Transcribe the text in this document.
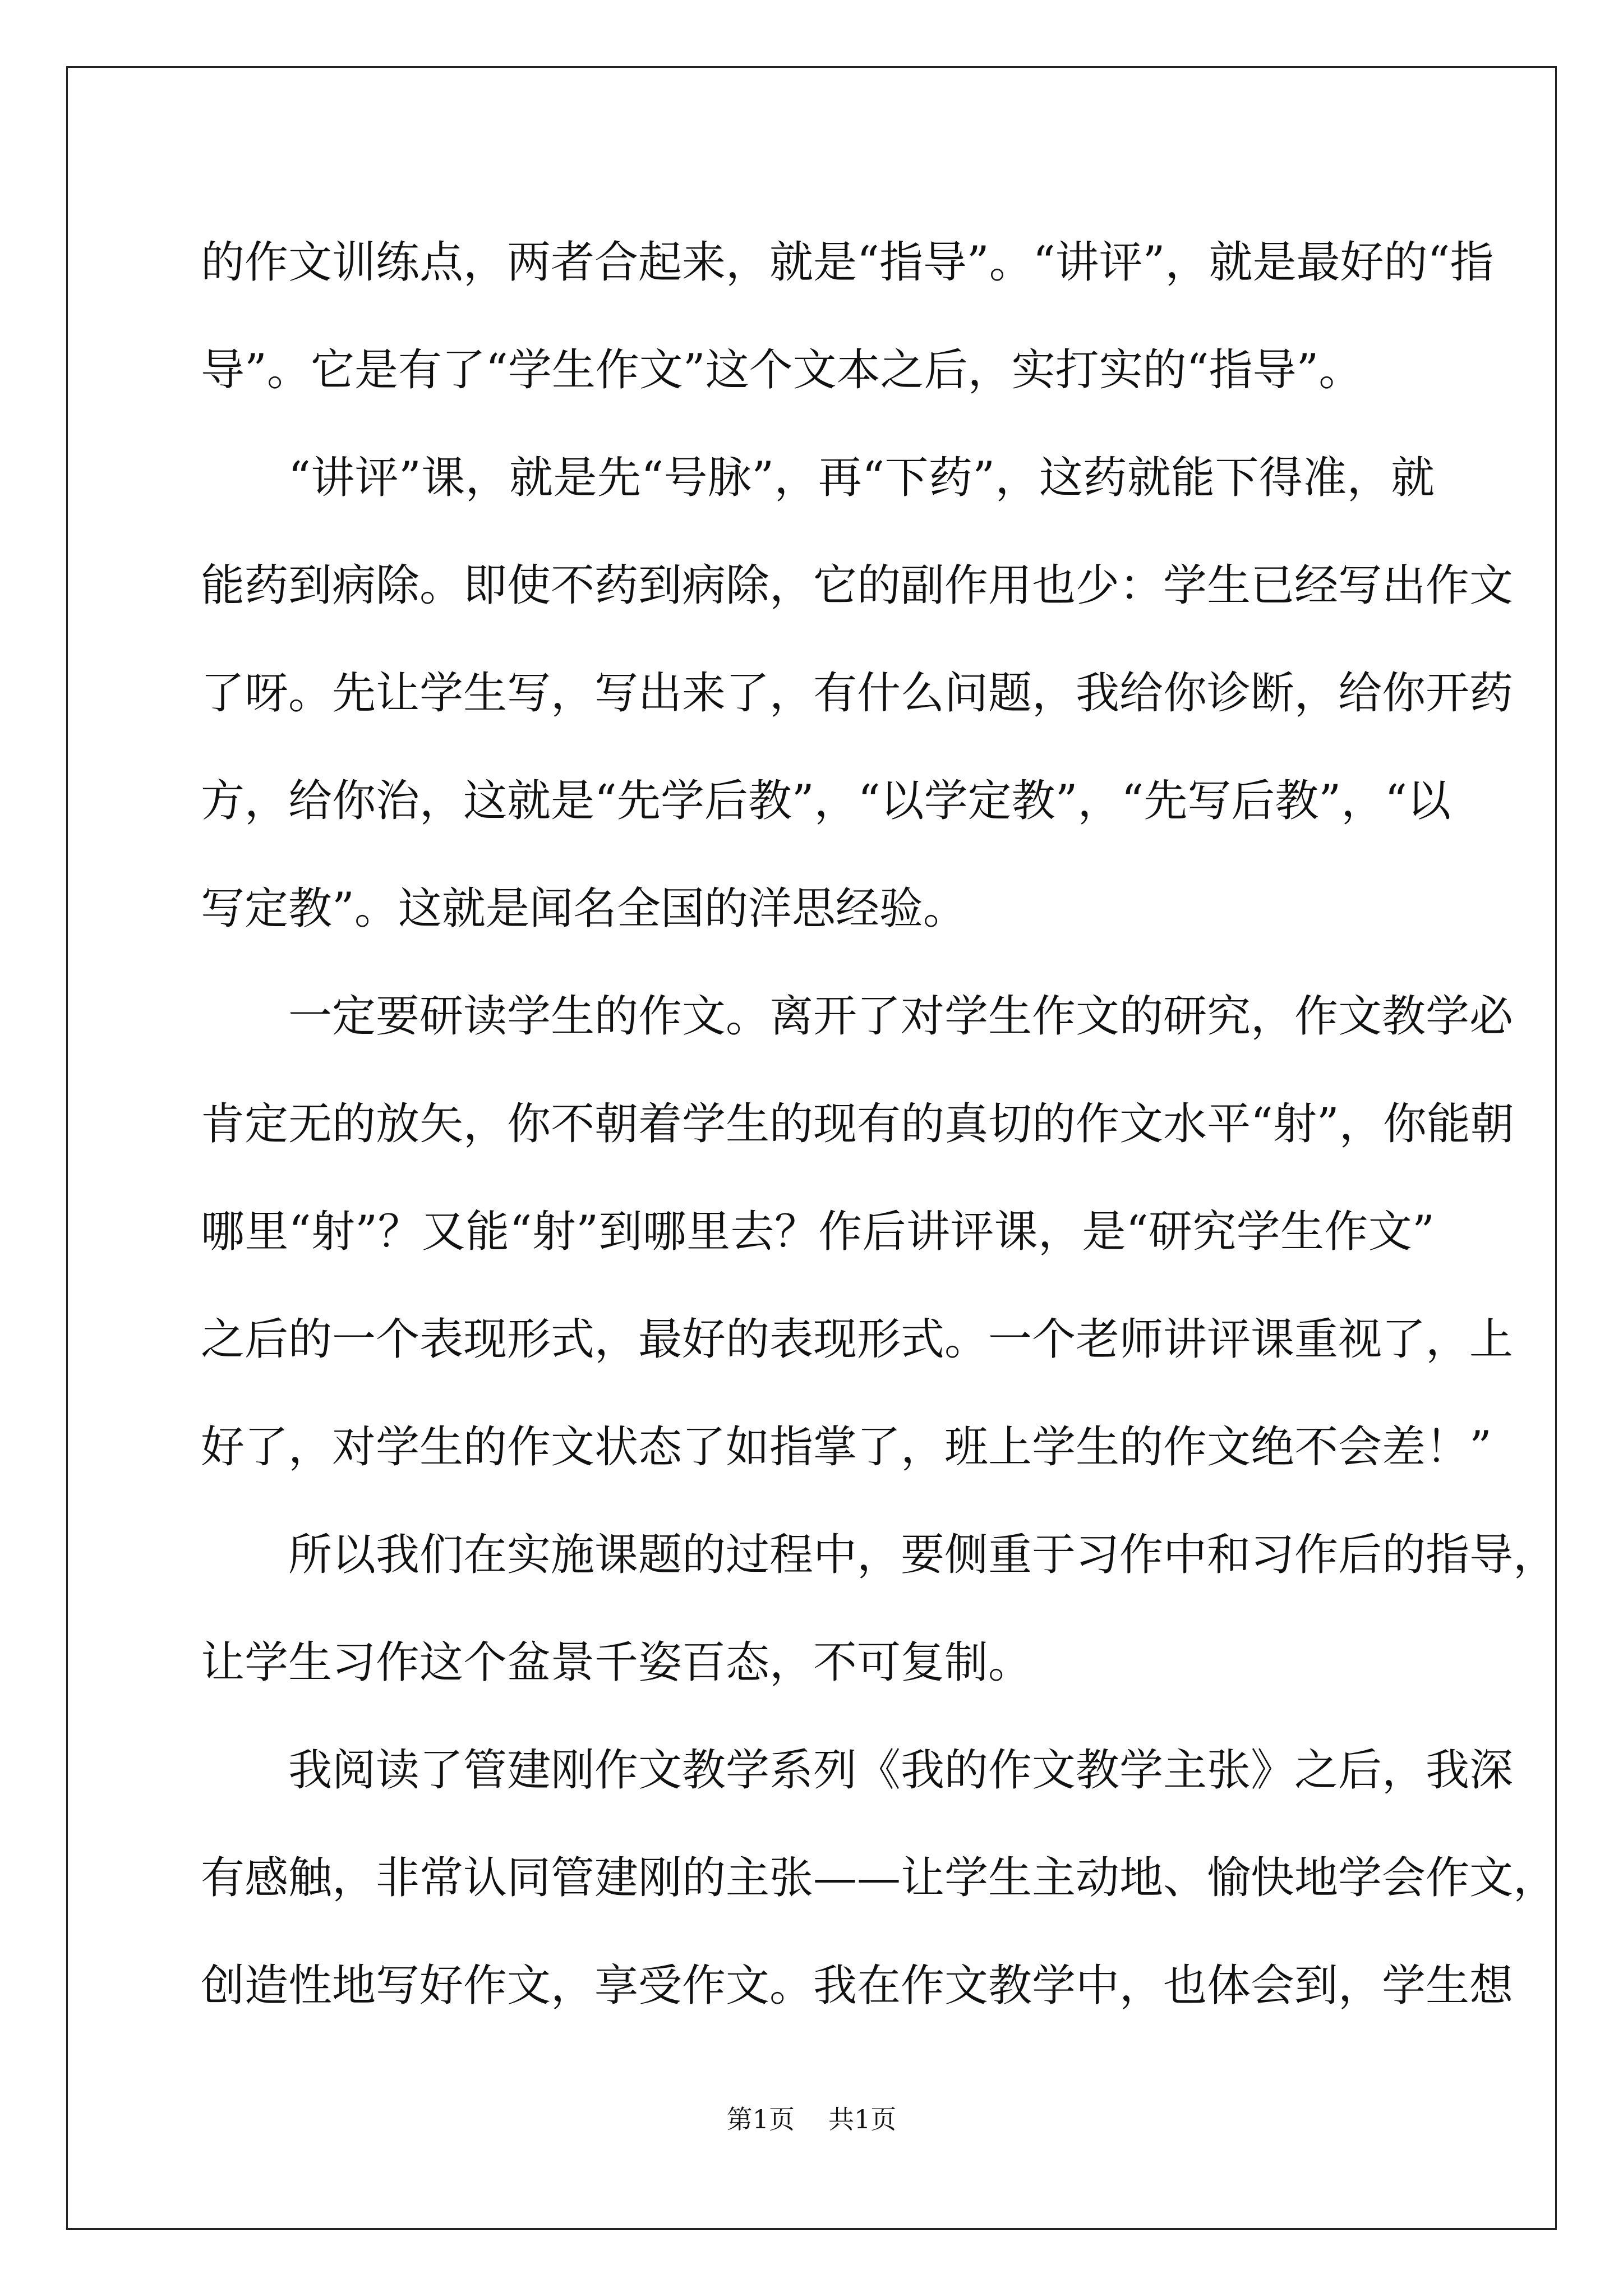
的作文训练点，两者合起来，就是“指导”。“讲评”，就是最好的“指
导”。它是有了“学生作文”这个文本之后，实打实的“指导”。
“讲评”课，就是先“号脉”，再“下药”，这药就能下得准，就
能药到病除。即使不药到病除，它的副作用也少：学生已经写出作文
了呀。先让学生写，写出来了，有什么问题，我给你诊断，给你开药
方，给你治，这就是“先学后教”，“以学定教”，“先写后教”，“以
写定教”。这就是闻名全国的洋思经验。
一定要研读学生的作文。离开了对学生作文的研究，作文教学必
肯定无的放矢，你不朝着学生的现有的真切的作文水平“射”，你能朝
哪里“射”？又能“射”到哪里去？作后讲评课，是“研究学生作文”
之后的一个表现形式，最好的表现形式。一个老师讲评课重视了，上
好了，对学生的作文状态了如指掌了，班上学生的作文绝不会差！”
所以我们在实施课题的过程中，要侧重于习作中和习作后的指导，
让学生习作这个盆景千姿百态，不可复制。
我阅读了管建刚作文教学系列《我的作文教学主张》之后，我深
有感触，非常认同管建刚的主张——让学生主动地、愉快地学会作文，
创造性地写好作文，享受作文。我在作文教学中，也体会到，学生想
第1页 共1页
